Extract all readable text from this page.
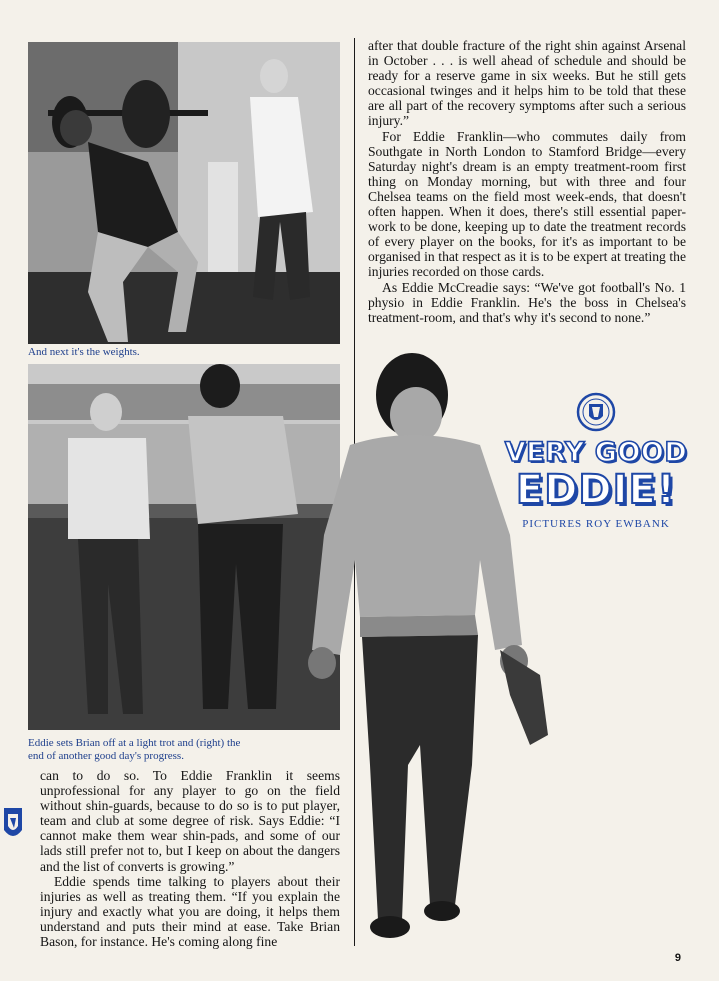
And next it's the weights.
Eddie sets Brian off at a light trot and (right) the
end of another good day's progress.

can to do so. To Eddie Franklin it seems unprofessional for any player to go on the field without shin-guards, because to do so is to put player, team and club at some degree of risk. Says Eddie: “I cannot make them wear shin-pads, and some of our lads still prefer not to, but I keep on about the dangers and the list of converts is growing.”

Eddie spends time talking to players about their injuries as well as treating them. “If you explain the injury and exactly what you are doing, it helps them understand and puts their mind at ease. Take Brian Bason, for instance. He's coming along fine

after that double fracture of the right shin against Arsenal in October . . . is well ahead of schedule and should be ready for a reserve game in six weeks. But he still gets occasional twinges and it helps him to be told that these are all part of the recovery symptoms after such a serious injury.”

For Eddie Franklin—who commutes daily from Southgate in North London to Stamford Bridge—every Saturday night's dream is an empty treatment-room first thing on Monday morning, but with three and four Chelsea teams on the field most week-ends, that doesn't often happen. When it does, there's still essential paper-work to be done, keeping up to date the treatment records of every player on the books, for it's as important to be organised in that respect as it is to be expert at treating the injuries recorded on those cards.

As Eddie McCreadie says: “We've got football's No. 1 physio in Eddie Franklin. He's the boss in Chelsea's treatment-room, and that's why it's second to none.”

VERY GOOD
EDDIE!
PICTURES ROY EWBANK
9
